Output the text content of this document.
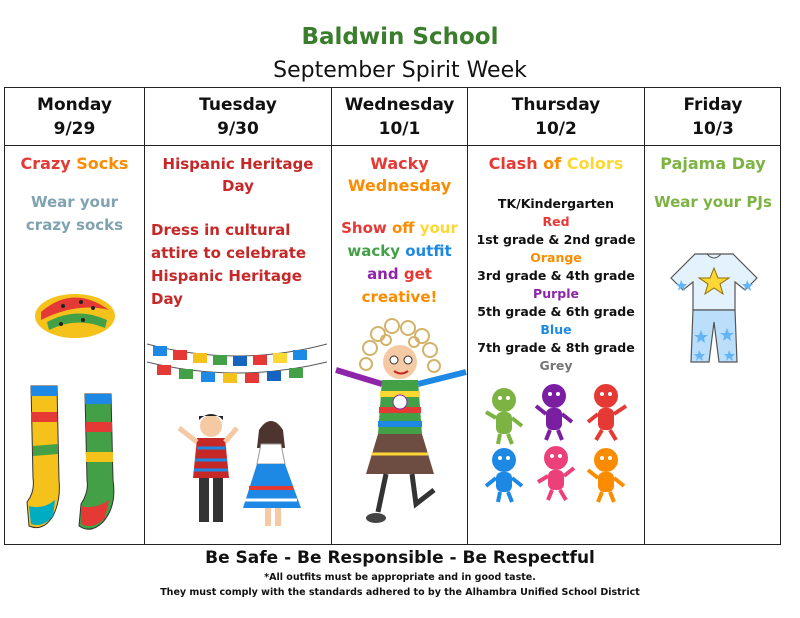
Baldwin School
September Spirit Week
Monday
9/29
Crazy Socks
Wear your crazy socks
Tuesday
9/30
Hispanic Heritage Day
Dress in cultural attire to celebrate Hispanic Heritage Day
Wednesday
10/1
Wacky
Wednesday
Show off your wacky outfit and get creative!
Thursday
10/2
Clash of Colors
TK/Kindergarten
Red
1st grade & 2nd grade
Orange
3rd grade & 4th grade
Purple
5th grade & 6th grade
Blue
7th grade & 8th grade
Grey
Friday
10/3
Pajama Day
Wear your PJs
Be Safe - Be Responsible - Be Respectful
*All outfits must be appropriate and in good taste.
They must comply with the standards adhered to by the Alhambra Unified School District
